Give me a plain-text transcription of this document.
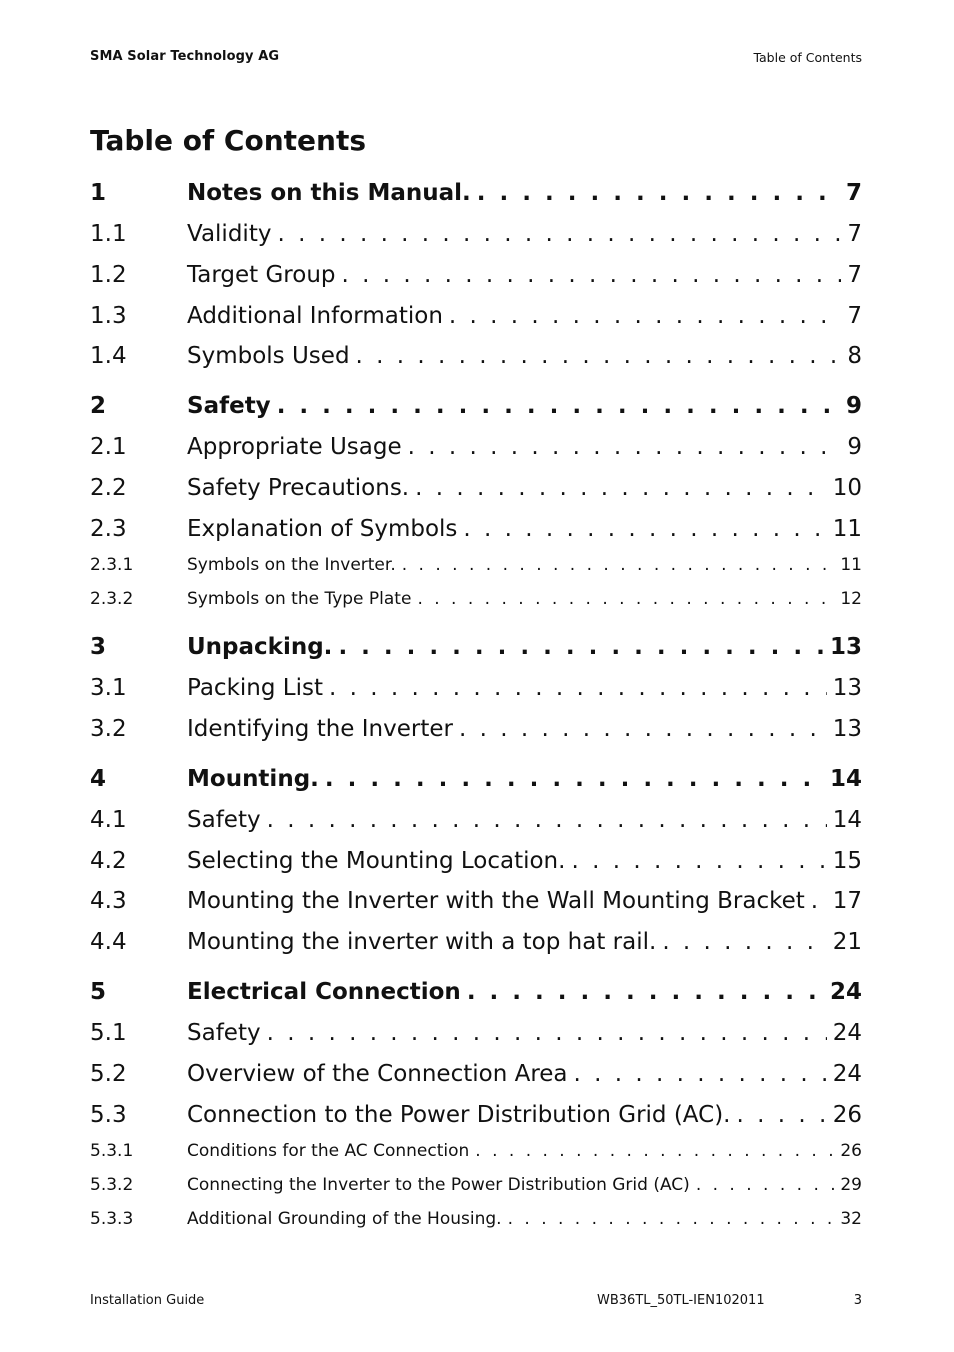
SMA Solar Technology AG	Table of Contents
Table of Contents
1	Notes on this Manual. . . .	7
1.1	Validity . . .	7
1.2	Target Group . . .	7
1.3	Additional Information . . .	7
1.4	Symbols Used . . .	8
2	Safety . . .	9
2.1	Appropriate Usage . . .	9
2.2	Safety Precautions. . . .	10
2.3	Explanation of Symbols . . .	11
2.3.1	Symbols on the Inverter. . . .	11
2.3.2	Symbols on the Type Plate . . .	12
3	Unpacking. . . .	13
3.1	Packing List . . .	13
3.2	Identifying the Inverter . . .	13
4	Mounting. . . .	14
4.1	Safety . . .	14
4.2	Selecting the Mounting Location. . . .	15
4.3	Mounting the Inverter with the Wall Mounting Bracket . . . 17
4.4	Mounting the inverter with a top hat rail. . . .	21
5	Electrical Connection . . .	24
5.1	Safety . . .	24
5.2	Overview of the Connection Area . . .	24
5.3	Connection to the Power Distribution Grid (AC). . . .	26
5.3.1	Conditions for the AC Connection . . .	26
5.3.2	Connecting the Inverter to the Power Distribution Grid (AC) . . .	29
5.3.3	Additional Grounding of the Housing. . . .	32
Installation Guide	WB36TL_50TL-IEN102011	3
